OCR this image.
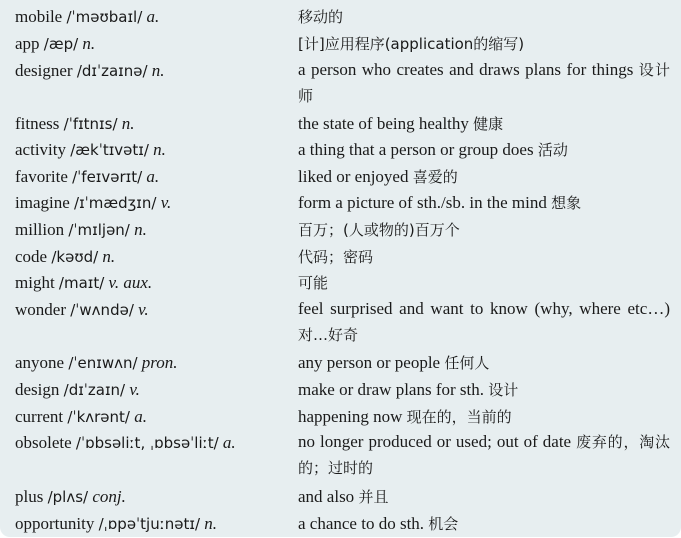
mobile /ˈməʊbaɪl/ a.	移动的
app /æp/ n.	[计]应用程序(application的缩写)
designer /dɪˈzaɪnə/ n.	a person who creates and draws plans for things 设计师
fitness /ˈfɪtnɪs/ n.	the state of being healthy 健康
activity /ækˈtɪvətɪ/ n.	a thing that a person or group does 活动
favorite /ˈfeɪvərɪt/ a.	liked or enjoyed 喜爱的
imagine /ɪˈmædʒɪn/ v.	form a picture of sth./sb. in the mind 想象
million /ˈmɪljən/ n.	百万；(人或物的)百万个
code /kəʊd/ n.	代码；密码
might /maɪt/ v. aux.	可能
wonder /ˈwʌndə/ v.	feel surprised and want to know (why, where etc…) 对…好奇
anyone /ˈenɪwʌn/ pron.	any person or people 任何人
design /dɪˈzaɪn/ v.	make or draw plans for sth. 设计
current /ˈkʌrənt/ a.	happening now 现在的，当前的
obsolete /ˈɒbsəliːt, ˌɒbsəˈliːt/ a.	no longer produced or used; out of date 废弃的，淘汰的；过时的
plus /plʌs/ conj.	and also 并且
opportunity /ˌɒpəˈtjuːnətɪ/ n.	a chance to do sth. 机会
